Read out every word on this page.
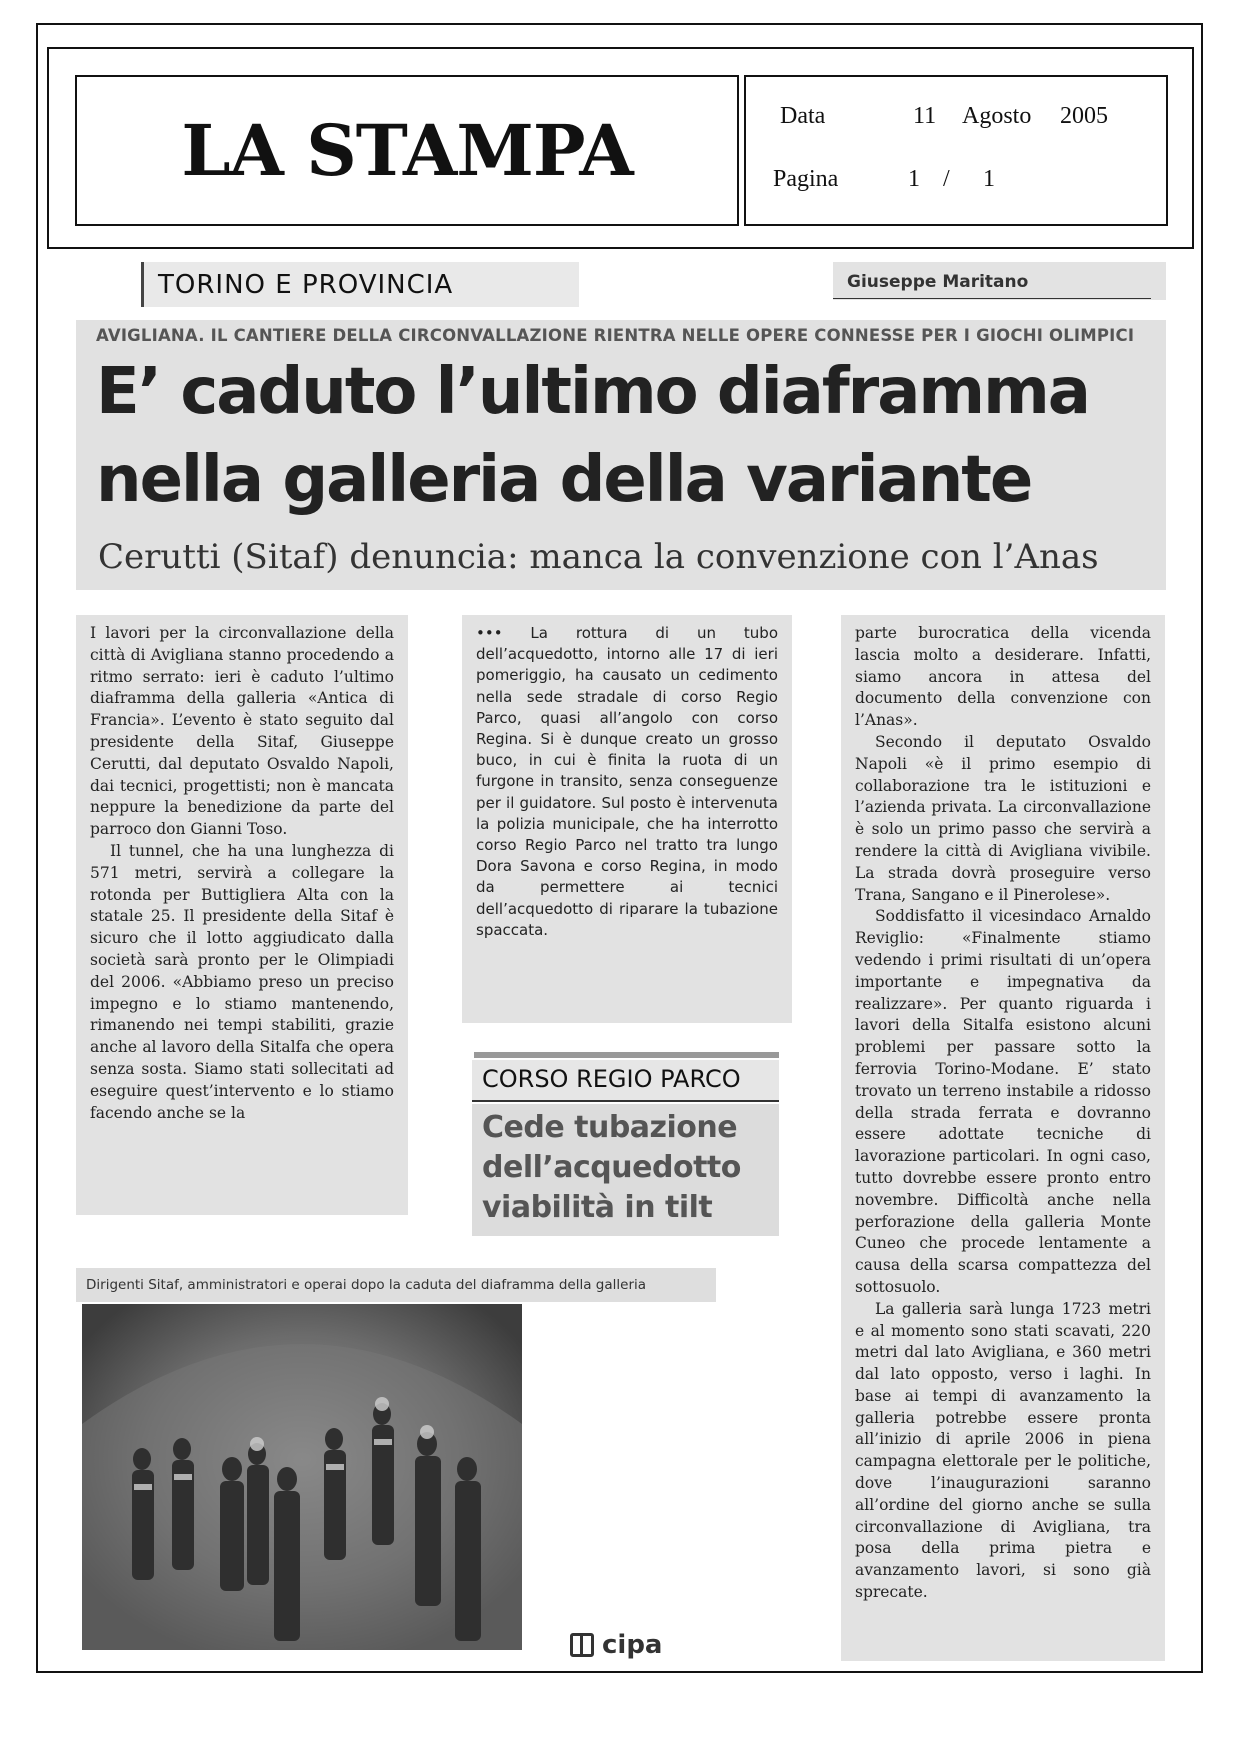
LA STAMPA	Data	11 Agosto 2005
Pagina	1 / 1
TORINO E PROVINCIA	Giuseppe Maritano
AVIGLIANA. IL CANTIERE DELLA CIRCONVALLAZIONE RIENTRA NELLE OPERE CONNESSE PER I GIOCHI OLIMPICI
E’ caduto l’ultimo diaframma
nella galleria della variante
Cerutti (Sitaf) denuncia: manca la convenzione con l’Anas

I lavori per la circonvallazione della città di Avigliana stanno procedendo a ritmo serrato: ieri è caduto l’ultimo diaframma della galleria «Antica di Francia». L’evento è stato seguito dal presidente della Sitaf, Giuseppe Cerutti, dal deputato Osvaldo Napoli, dai tecnici, progettisti; non è mancata neppure la benedizione da parte del parroco don Gianni Toso.

Il tunnel, che ha una lunghezza di 571 metri, servirà a collegare la rotonda per Buttigliera Alta con la statale 25. Il presidente della Sitaf è sicuro che il lotto aggiudicato dalla società sarà pronto per le Olimpiadi del 2006. «Abbiamo preso un preciso impegno e lo stiamo mantenendo, rimanendo nei tempi stabiliti, grazie anche al lavoro della Sitalfa che opera senza sosta. Siamo stati sollecitati ad eseguire quest’intervento e lo stiamo facendo anche se la

••• La rottura di un tubo dell’acquedotto, intorno alle 17 di ieri pomeriggio, ha causato un cedimento nella sede stradale di corso Regio Parco, quasi all’angolo con corso Regina. Si è dunque creato un grosso buco, in cui è finita la ruota di un furgone in transito, senza conseguenze per il guidatore. Sul posto è intervenuta la polizia municipale, che ha interrotto corso Regio Parco nel tratto tra lungo Dora Savona e corso Regina, in modo da permettere ai tecnici dell’acquedotto di riparare la tubazione spaccata.

CORSO REGIO PARCO
Cede tubazione
dell’acquedotto
viabilità in tilt

parte burocratica della vicenda lascia molto a desiderare. Infatti, siamo ancora in attesa del documento della convenzione con l’Anas».

Secondo il deputato Osvaldo Napoli «è il primo esempio di collaborazione tra le istituzioni e l’azienda privata. La circonvallazione è solo un primo passo che servirà a rendere la città di Avigliana vivibile. La strada dovrà proseguire verso Trana, Sangano e il Pinerolese».

Soddisfatto il vicesindaco Arnaldo Reviglio: «Finalmente stiamo vedendo i primi risultati di un’opera importante e impegnativa da realizzare». Per quanto riguarda i lavori della Sitalfa esistono alcuni problemi per passare sotto la ferrovia Torino-Modane. E’ stato trovato un terreno instabile a ridosso della strada ferrata e dovranno essere adottate tecniche di lavorazione particolari. In ogni caso, tutto dovrebbe essere pronto entro novembre. Difficoltà anche nella perforazione della galleria Monte Cuneo che procede lentamente a causa della scarsa compattezza del sottosuolo.

La galleria sarà lunga 1723 metri e al momento sono stati scavati, 220 metri dal lato Avigliana, e 360 metri dal lato opposto, verso i laghi. In base ai tempi di avanzamento la galleria potrebbe essere pronta all’inizio di aprile 2006 in piena campagna elettorale per le politiche, dove l’inaugurazioni saranno all’ordine del giorno anche se sulla circonvallazione di Avigliana, tra posa della prima pietra e avanzamento lavori, si sono già sprecate.

Dirigenti Sitaf, amministratori e operai dopo la caduta del diaframma della galleria
cipa
